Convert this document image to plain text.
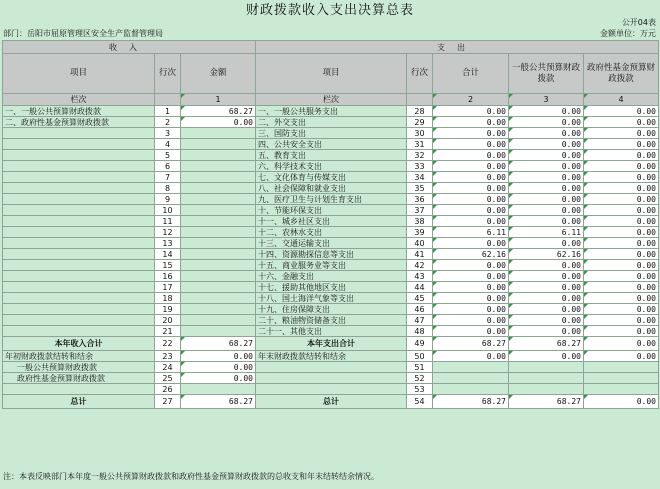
财政拨款收入支出决算总表
公开04表
部门：岳阳市屈原管理区安全生产监督管理局	金额单位：万元
收入			支出				
项目	行次	金额	项目	行次	合计	一般公共预算财政拨款	政府性基金预算财政拨款
栏次		1	栏次		2	3	4
一、一般公共预算财政拨款	1	68.27	一、一般公共服务支出	28	0.00	0.00	0.00
二、政府性基金预算财政拨款	2	0.00	二、外交支出	29	0.00	0.00	0.00
	3		三、国防支出	30	0.00	0.00	0.00
	4		四、公共安全支出	31	0.00	0.00	0.00
	5		五、教育支出	32	0.00	0.00	0.00
	6		六、科学技术支出	33	0.00	0.00	0.00
	7		七、文化体育与传媒支出	34	0.00	0.00	0.00
	8		八、社会保障和就业支出	35	0.00	0.00	0.00
	9		九、医疗卫生与计划生育支出	36	0.00	0.00	0.00
	10		十、节能环保支出	37	0.00	0.00	0.00
	11		十一、城乡社区支出	38	0.00	0.00	0.00
	12		十二、农林水支出	39	6.11	6.11	0.00
	13		十三、交通运输支出	40	0.00	0.00	0.00
	14		十四、资源勘探信息等支出	41	62.16	62.16	0.00
	15		十五、商业服务业等支出	42	0.00	0.00	0.00
	16		十六、金融支出	43	0.00	0.00	0.00
	17		十七、援助其他地区支出	44	0.00	0.00	0.00
	18		十八、国土海洋气象等支出	45	0.00	0.00	0.00
	19		十九、住房保障支出	46	0.00	0.00	0.00
	20		二十、粮油物资储备支出	47	0.00	0.00	0.00
	21		二十一、其他支出	48	0.00	0.00	0.00
本年收入合计	22	68.27	本年支出合计	49	68.27	68.27	0.00
年初财政拨款结转和结余	23	0.00	年末财政拨款结转和结余	50	0.00	0.00	0.00
一般公共预算财政拨款	24	0.00		51			
政府性基金预算财政拨款	25	0.00		52			
	26			53			
总计	27	68.27	总计	54	68.27	68.27	0.00
注：本表反映部门本年度一般公共预算财政拨款和政府性基金预算财政拨款的总收支和年末结转结余情况。
